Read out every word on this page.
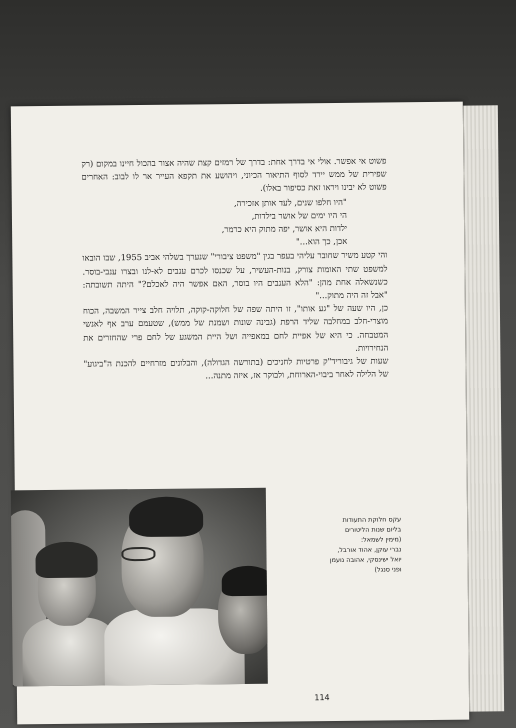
פשוט אי אפשר. אולי אי בדרך אחת: בדרך של רמזים קצת שהיה אצור בהכול חיינו במקום (רק שפירית של ממש יירד לסוף התיאור הכיוני, ויהושע את תקפא העייר אר לו לבוב: האחרים פשוט לא יבינו ויראו זאת כסיפור באלו).

"היו חלפו שנים, לעד אותן אזכירה,
הי היו ימים של אושר בילדות,
ילדות היא אושר, יפה מתוק היא כרמר,
אכן, כך הוא..."

והי קטע משיר שחובר עליהי בעפר בגין "משפט ציבורי" שנערך בשלהי אביב 1955, שבו הובאו למשפט שתי האומות צורק, בנות-העשיר, על שכנסו לכרם ענבים לא-לנו ובצרו ענבי-בוסר. כשנשאלה אחת מהן: "הלא הענבים היו בוסר, האם אפשר היה לאכלם?" היתה תשובתה: "אבל זה היה מתוק..."

כן, היו שעה של "גע אותו", זו היתה שפה של חלוקה-קוקה, תלויה חלב צייר המשבה, הכוח מוצרי-חלב במחלבה שליד הרפת (גבינה שונות ושמנת של ממש), שטעמם ערב אף לאנשי המטבחה. כי היא של אפיית לחם במאפייה ושל היית המשגע של לחם פרי שהחזרים את הנחירויות.

שעות של גיבוריד"ק פרטיות לחניכים (בתורשה הגדולה), והבלונים מזרחיים להכנת ה"ביגוע" של הלילה לאחר ביבוי-הארוחת, ולבוקר אז, איזה מתנה...

עקס חלוקת התעודות
בליום שנות הליטורים
(מימין לשמאל:
נברי עוקן, אהוד אורבל,
יואל ישינסקי, אהובה נועמן
ופני סנגל)
114
